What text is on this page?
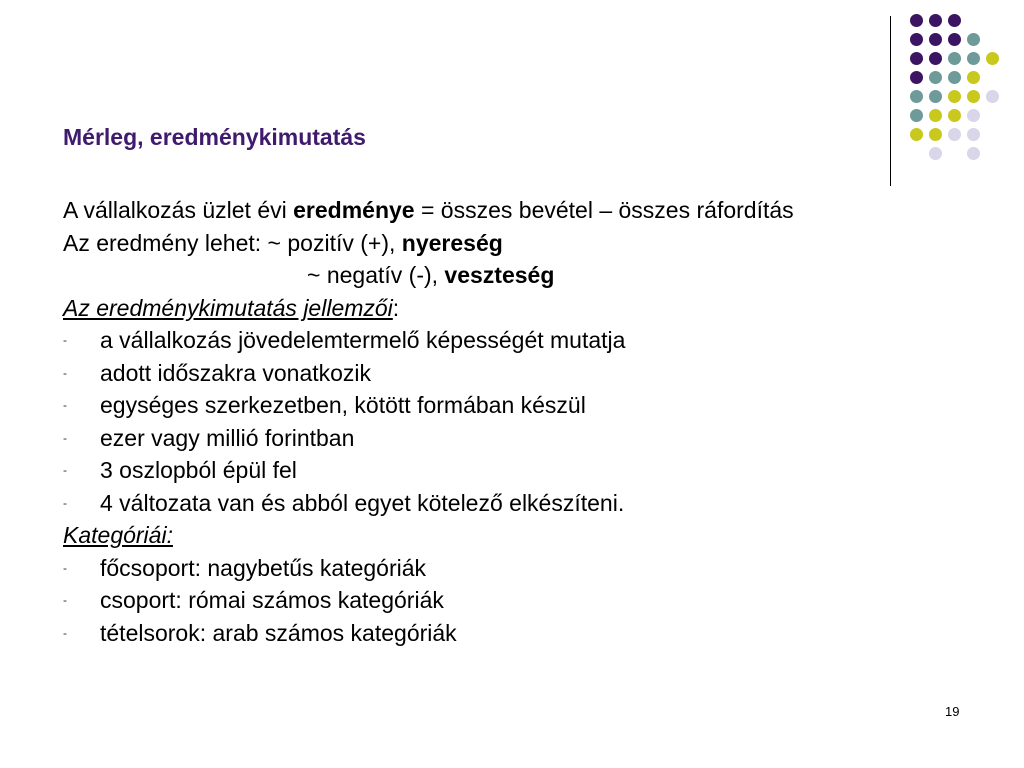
Mérleg, eredménykimutatás
A vállalkozás üzlet évi eredménye = összes bevétel – összes ráfordítás
Az eredmény lehet: ~ pozitív (+), nyereség
~ negatív (-), veszteség
Az eredménykimutatás jellemzői:
- a vállalkozás jövedelemtermelő képességét mutatja
- adott időszakra vonatkozik
- egységes szerkezetben, kötött formában készül
- ezer vagy millió forintban
- 3 oszlopból épül fel
- 4 változata van és abból egyet kötelező elkészíteni.
Kategóriái:
- főcsoport: nagybetűs kategóriák
- csoport: római számos kategóriák
- tételsorok: arab számos kategóriák
19
